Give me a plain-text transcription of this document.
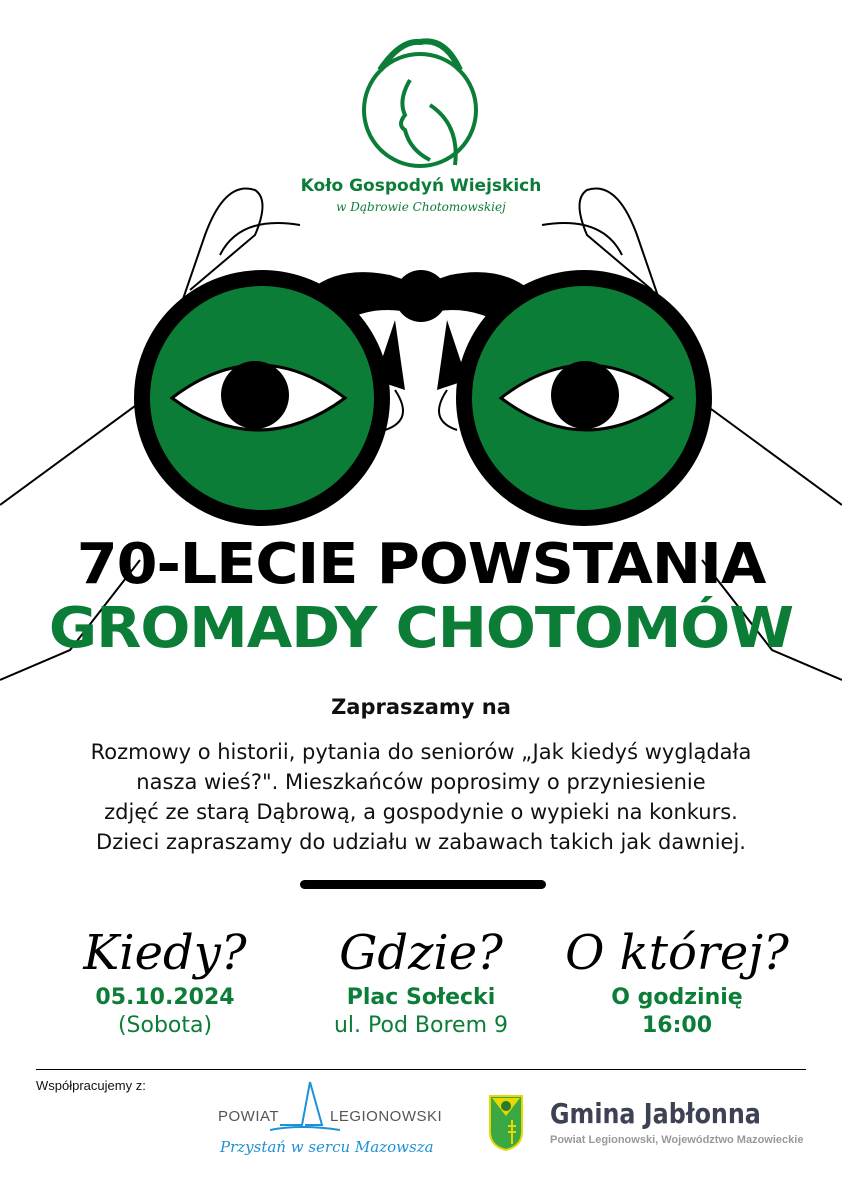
Koło Gospodyń Wiejskich
w Dąbrowie Chotomowskiej
70-LECIE POWSTANIA
GROMADY CHOTOMÓW
Zapraszamy na
Rozmowy o historii, pytania do seniorów „Jak kiedyś wyglądała
nasza wieś?". Mieszkańców poprosimy o przyniesienie
zdjęć ze starą Dąbrową, a gospodynie o wypieki na konkurs.
Dzieci zapraszamy do udziału w zabawach takich jak dawniej.
Kiedy?
05.10.2024
(Sobota)
Gdzie?
Plac Sołecki
ul. Pod Borem 9
O której?
O godzinię
16:00
Współpracujemy z:
POWIAT	LEGIONOWSKI
Przystań w sercu Mazowsza
Gmina Jabłonna
Powiat Legionowski, Województwo Mazowieckie
